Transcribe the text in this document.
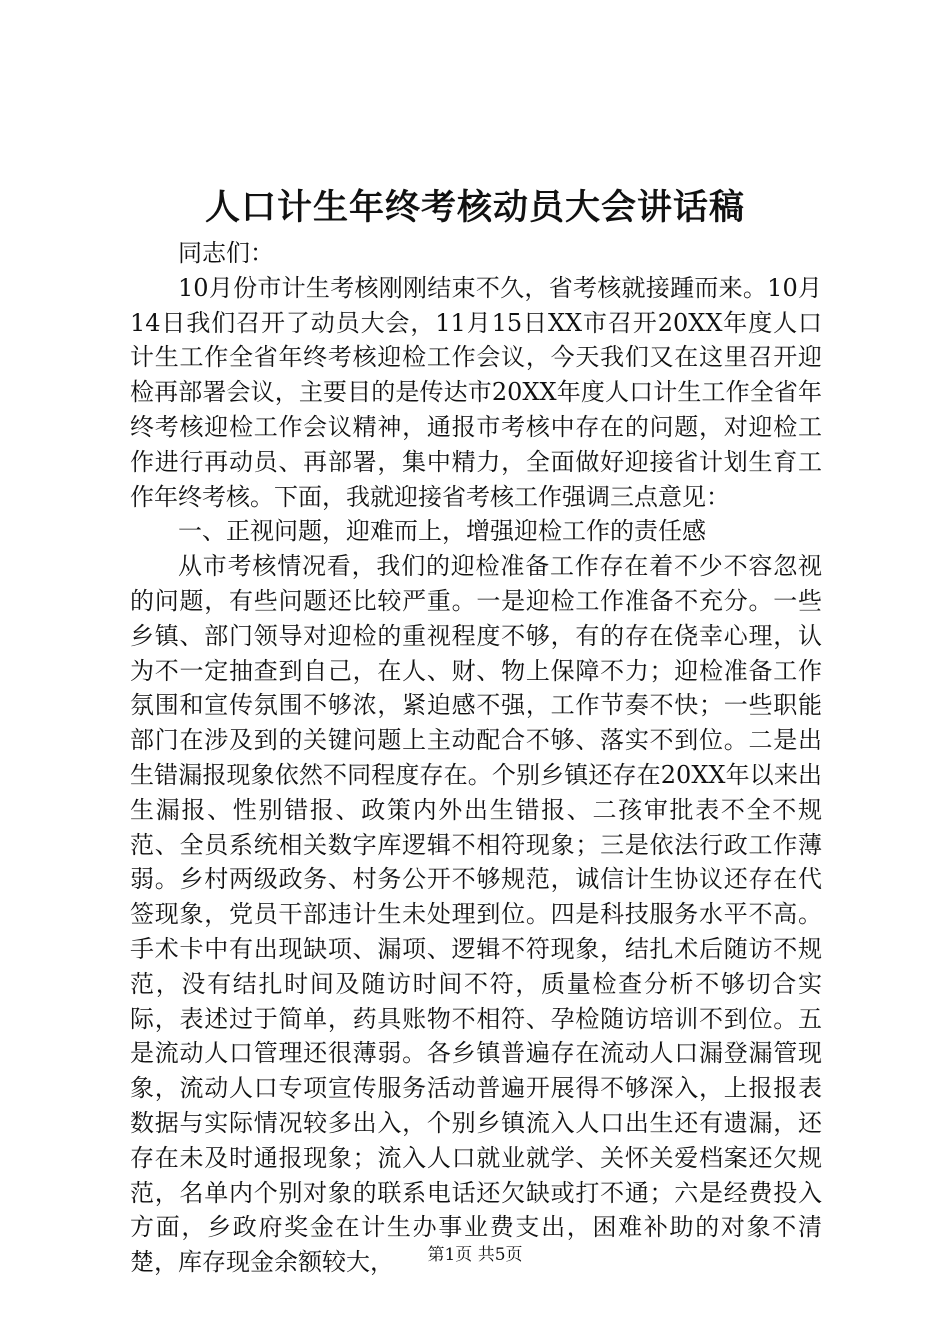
人口计生年终考核动员大会讲话稿

同志们：

10月份市计生考核刚刚结束不久，省考核就接踵而来。10月14日我们召开了动员大会，11月15日XX市召开20XX年度人口计生工作全省年终考核迎检工作会议，今天我们又在这里召开迎检再部署会议，主要目的是传达市20XX年度人口计生工作全省年终考核迎检工作会议精神，通报市考核中存在的问题，对迎检工作进行再动员、再部署，集中精力，全面做好迎接省计划生育工作年终考核。下面，我就迎接省考核工作强调三点意见：

一、正视问题，迎难而上，增强迎检工作的责任感

从市考核情况看，我们的迎检准备工作存在着不少不容忽视的问题，有些问题还比较严重。一是迎检工作准备不充分。一些乡镇、部门领导对迎检的重视程度不够，有的存在侥幸心理，认为不一定抽查到自己，在人、财、物上保障不力；迎检准备工作氛围和宣传氛围不够浓，紧迫感不强，工作节奏不快；一些职能部门在涉及到的关键问题上主动配合不够、落实不到位。二是出生错漏报现象依然不同程度存在。个别乡镇还存在20XX年以来出生漏报、性别错报、政策内外出生错报、二孩审批表不全不规范、全员系统相关数字库逻辑不相符现象；三是依法行政工作薄弱。乡村两级政务、村务公开不够规范，诚信计生协议还存在代签现象，党员干部违计生未处理到位。四是科技服务水平不高。手术卡中有出现缺项、漏项、逻辑不符现象，结扎术后随访不规范，没有结扎时间及随访时间不符，质量检查分析不够切合实际，表述过于简单，药具账物不相符、孕检随访培训不到位。五是流动人口管理还很薄弱。各乡镇普遍存在流动人口漏登漏管现象，流动人口专项宣传服务活动普遍开展得不够深入，上报报表数据与实际情况较多出入，个别乡镇流入人口出生还有遗漏，还存在未及时通报现象；流入人口就业就学、关怀关爱档案还欠规范，名单内个别对象的联系电话还欠缺或打不通；六是经费投入方面，乡政府奖金在计生办事业费支出，困难补助的对象不清楚，库存现金余额较大，	第1页 共5页
